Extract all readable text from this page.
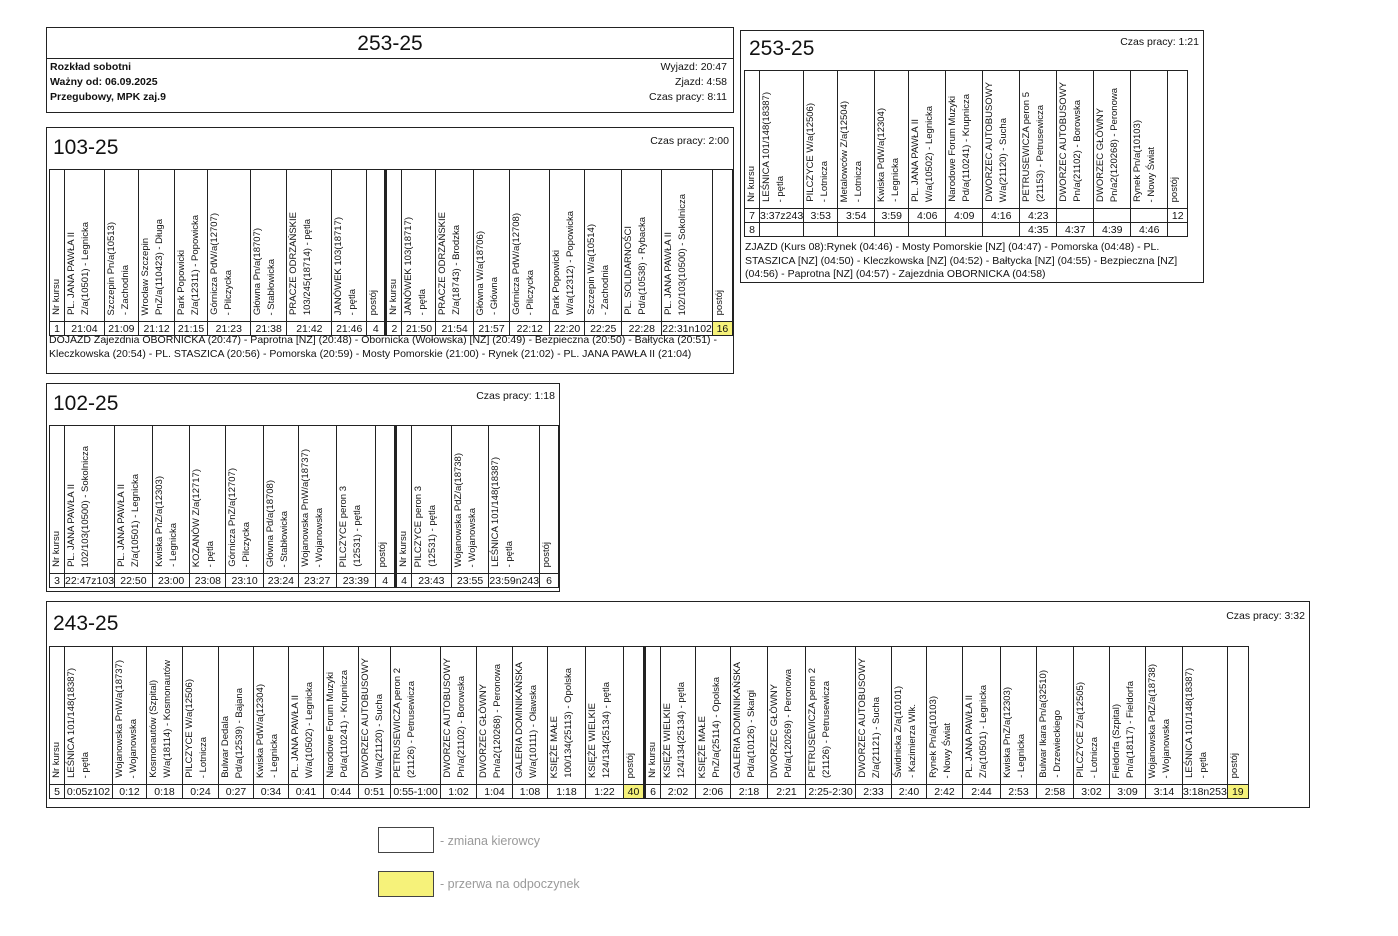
253-25
Rozkład sobotni
Ważny od: 06.09.2025
Przegubowy, MPK zaj.9
Wyjazd: 20:47
Zjazd: 4:58
Czas pracy: 8:11
103-25	Czas pracy: 2:00
Nr kursu	PL. JANA PAWŁA II Z/a(10501) - Legnicka	Szczepin Pn/a(10513) - Zachodnia	Wrocław Szczepin PnZ/a(110423) - Długa	Park Popowicki Z/a(12311) - Popowicka	Górnicza PdW/a(12707) - Pilczycka	Główna Pn/a(18707) - Stabłowicka	PRACZE ODRZAŃSKIE 103/245(18714) - pętla	JANÓWEK 103(18717) - pętla	postój	Nr kursu	JANÓWEK 103(18717) - pętla	PRACZE ODRZAŃSKIE Z/a(18743) - Brodzka	Główna W/a(18706) - Główna	Górnicza PdW/a(12708) - Pilczycka	Park Popowicki W/a(12312) - Popowicka	Szczepin W/a(10514) - Zachodnia	PL. SOLIDARNOŚCI Pd/a(10538) - Rybacka	PL. JANA PAWŁA II 102/103(10500) - Sokolnicza	postój
1	21:04	21:09	21:12	21:15	21:23	21:38	21:42	21:46	4	2	21:50	21:54	21:57	22:12	22:20	22:25	22:28	22:31n102	16
DOJAZD Zajezdnia OBORNICKA (20:47) - Paprotna [NZ] (20:48) - Obornicka (Wołowska) [NZ] (20:49) - Bezpieczna (20:50) - Bałtycka (20:51) - Kleczkowska (20:54) - PL. STASZICA (20:56) - Pomorska (20:59) - Mosty Pomorskie (21:00) - Rynek (21:02) - PL. JANA PAWŁA II (21:04)
253-25	Czas pracy: 1:21
Nr kursu	LEŚNICA 101/148(18387) - pętla	PILCZYCE W/a(12506) - Lotnicza	Metalowców Z/a(12504) - Lotnicza	Kwiska PdW/a(12304) - Legnicka	PL. JANA PAWŁA II W/a(10502) - Legnicka	Narodowe Forum Muzyki Pd/a(110241) - Krupnicza	DWORZEC AUTOBUSOWY W/a(21120) - Sucha	PETRUSEWICZA peron 5 (21153) - Petrusewicza	DWORZEC AUTOBUSOWY Pn/a(21102) - Borowska	DWORZEC GŁÓWNY Pn/a2(120268) - Peronowa	Rynek Pn/a(10103) - Nowy Świat	postój
7	3:37z243	3:53	3:54	3:59	4:06	4:09	4:16	4:23				12
8								4:35	4:37	4:39	4:46	
ZJAZD (Kurs 08):Rynek (04:46) - Mosty Pomorskie [NZ] (04:47) - Pomorska (04:48) - PL. STASZICA [NZ] (04:50) - Kleczkowska [NZ] (04:52) - Bałtycka [NZ] (04:55) - Bezpieczna [NZ] (04:56) - Paprotna [NZ] (04:57) - Zajezdnia OBORNICKA (04:58)
102-25	Czas pracy: 1:18
Nr kursu	PL. JANA PAWŁA II 102/103(10500) - Sokolnicza	PL. JANA PAWŁA II Z/a(10501) - Legnicka	Kwiska PnZ/a(12303) - Legnicka	KOZANÓW Z/a(12717) - pętla	Górnicza PnZ/a(12707) - Pilczycka	Główna Pd/a(18708) - Stabłowicka	Wojanowska PnW/a(18737) - Wojanowska	PILCZYCE peron 3 (12531) - pętla	postój	Nr kursu	PILCZYCE peron 3 (12531) - pętla	Wojanowska PdZ/a(18738) - Wojanowska	LEŚNICA 101/148(18387) - pętla	postój
3	22:47z103	22:50	23:00	23:08	23:10	23:24	23:27	23:39	4	4	23:43	23:55	23:59n243	6
243-25	Czas pracy: 3:32
Nr kursu	LEŚNICA 101/148(18387) - pętla	Wojanowska PnW/a(18737) - Wojanowska	Kosmonautów (Szpital) W/a(18114) - Kosmonautów	PILCZYCE W/a(12506) - Lotnicza	Bulwar Dedala Pd/a(12539) - Bajana	Kwiska PdW/a(12304) - Legnicka	PL. JANA PAWŁA II W/a(10502) - Legnicka	Narodowe Forum Muzyki Pd/a(110241) - Krupnicza	DWORZEC AUTOBUSOWY W/a(21120) - Sucha	PETRUSEWICZA peron 2 (21126) - Petrusewicza	DWORZEC AUTOBUSOWY Pn/a(21102) - Borowska	DWORZEC GŁÓWNY Pn/a2(120268) - Peronowa	GALERIA DOMINIKAŃSKA W/a(10111) - Oławska	KSIĘŻE MAŁE 100/134(25113) - Opolska	KSIĘŻE WIELKIE 124/134(25134) - pętla	postój	Nr kursu	KSIĘŻE WIELKIE 124/134(25134) - pętla	KSIĘŻE MAŁE PnZ/a(25114) - Opolska	GALERIA DOMINIKAŃSKA Pd/a(10126) - Skargi	DWORZEC GŁÓWNY Pd/a(120269) - Peronowa	PETRUSEWICZA peron 2 (21126) - Petrusewicza	DWORZEC AUTOBUSOWY Z/a(21121) - Sucha	Świdnicka Z/a(10101) - Kazimierza Wlk.	Rynek Pn/a(10103) - Nowy Świat	PL. JANA PAWŁA II Z/a(10501) - Legnicka	Kwiska PnZ/a(12303) - Legnicka	Bulwar Ikara Pn/a(32510) - Drzewieckiego	PILCZYCE Z/a(12505) - Lotnicza	Fieldorfa (Szpital) Pn/a(18117) - Fieldorfa	Wojanowska PdZ/a(18738) - Wojanowska	LEŚNICA 101/148(18387) - pętla	postój
5	0:05z102	0:12	0:18	0:24	0:27	0:34	0:41	0:44	0:51	0:55-1:00	1:02	1:04	1:08	1:18	1:22	40	6	2:02	2:06	2:18	2:21	2:25-2:30	2:33	2:40	2:42	2:44	2:53	2:58	3:02	3:09	3:14	3:18n253	19
- zmiana kierowcy
- przerwa na odpoczynek
